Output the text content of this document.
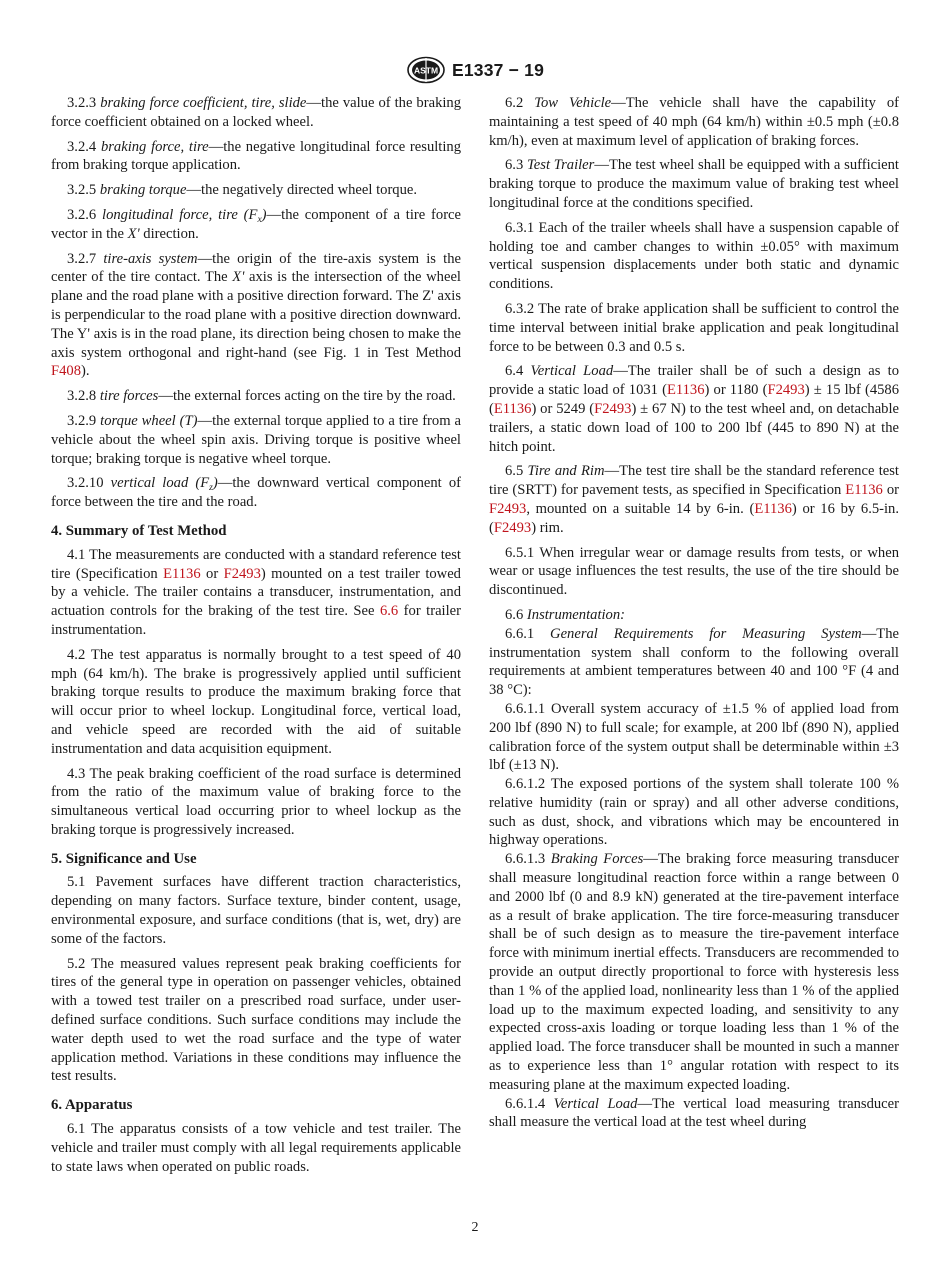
ASTM E1337 − 19

3.2.3 braking force coefficient, tire, slide—the value of the braking force coefficient obtained on a locked wheel.

3.2.4 braking force, tire—the negative longitudinal force resulting from braking torque application.

3.2.5 braking torque—the negatively directed wheel torque.

3.2.6 longitudinal force, tire $(F_x)—the$ component of a tire force vector in the X' direction.

3.2.7 tire-axis system—the origin of the tire-axis system is the center of the tire contact. The X' axis is the intersection of the wheel plane and the road plane with a positive direction forward. The Z' axis is perpendicular to the road plane with a positive direction downward. The Y' axis is in the road plane, its direction being chosen to make the axis system orthogonal and right-hand (see Fig. 1 in Test Method F408).

3.2.8 tire forces—the external forces acting on the tire by the road.

3.2.9 torque wheel (T)—the external torque applied to a tire from a vehicle about the wheel spin axis. Driving torque is positive wheel torque; braking torque is negative wheel torque.

3.2.10 vertical load $(F_z)—the$ downward vertical component of force between the tire and the road.

4. Summary of Test Method

4.1 The measurements are conducted with a standard reference test tire (Specification E1136 or F2493) mounted on a test trailer towed by a vehicle. The trailer contains a transducer, instrumentation, and actuation controls for the braking of the test tire. See 6.6 for trailer instrumentation.

4.2 The test apparatus is normally brought to a test speed of 40 mph (64 km/h). The brake is progressively applied until sufficient braking torque results to produce the maximum braking force that will occur prior to wheel lockup. Longitudinal force, vertical load, and vehicle speed are recorded with the aid of suitable instrumentation and data acquisition equipment.

4.3 The peak braking coefficient of the road surface is determined from the ratio of the maximum value of braking force to the simultaneous vertical load occurring prior to wheel lockup as the braking torque is progressively increased.

5. Significance and Use

5.1 Pavement surfaces have different traction characteristics, depending on many factors. Surface texture, binder content, usage, environmental exposure, and surface conditions (that is, wet, dry) are some of the factors.

5.2 The measured values represent peak braking coefficients for tires of the general type in operation on passenger vehicles, obtained with a towed test trailer on a prescribed road surface, under user-defined surface conditions. Such surface conditions may include the water depth used to wet the road surface and the type of water application method. Variations in these conditions may influence the test results.

6. Apparatus

6.1 The apparatus consists of a tow vehicle and test trailer. The vehicle and trailer must comply with all legal requirements applicable to state laws when operated on public roads.

6.2 Tow Vehicle—The vehicle shall have the capability of maintaining a test speed of 40 mph (64 km/h) within ±0.5 mph (±0.8 km/h), even at maximum level of application of braking forces.

6.3 Test Trailer—The test wheel shall be equipped with a sufficient braking torque to produce the maximum value of braking test wheel longitudinal force at the conditions specified.

6.3.1 Each of the trailer wheels shall have a suspension capable of holding toe and camber changes to within ±0.05° with maximum vertical suspension displacements under both static and dynamic conditions.

6.3.2 The rate of brake application shall be sufficient to control the time interval between initial brake application and peak longitudinal force to be between 0.3 and 0.5 s.

6.4 Vertical Load—The trailer shall be of such a design as to provide a static load of 1031 (E1136) or 1180 (F2493) ± 15 lbf (4586 (E1136) or 5249 (F2493) ± 67 N) to the test wheel and, on detachable trailers, a static down load of 100 to 200 lbf (445 to 890 N) at the hitch point.

6.5 Tire and Rim—The test tire shall be the standard reference test tire (SRTT) for pavement tests, as specified in Specification E1136 or F2493, mounted on a suitable 14 by 6-in. (E1136) or 16 by 6.5-in. (F2493) rim.

6.5.1 When irregular wear or damage results from tests, or when wear or usage influences the test results, the use of the tire should be discontinued.

6.6 Instrumentation:

6.6.1 General Requirements for Measuring System—The instrumentation system shall conform to the following overall requirements at ambient temperatures between 40 and 100 °F (4 and 38 °C):

6.6.1.1 Overall system accuracy of ±1.5 % of applied load from 200 lbf (890 N) to full scale; for example, at 200 lbf (890 N), applied calibration force of the system output shall be determinable within ±3 lbf (±13 N).

6.6.1.2 The exposed portions of the system shall tolerate 100 % relative humidity (rain or spray) and all other adverse conditions, such as dust, shock, and vibrations which may be encountered in highway operations.

6.6.1.3 Braking Forces—The braking force measuring transducer shall measure longitudinal reaction force within a range between 0 and 2000 lbf (0 and 8.9 kN) generated at the tire-pavement interface as a result of brake application. The tire force-measuring transducer shall be of such design as to measure the tire-pavement interface force with minimum inertial effects. Transducers are recommended to provide an output directly proportional to force with hysteresis less than 1 % of the applied load, nonlinearity less than 1 % of the applied load up to the maximum expected loading, and sensitivity to any expected cross-axis loading or torque loading less than 1 % of the applied load. The force transducer shall be mounted in such a manner as to experience less than 1° angular rotation with respect to its measuring plane at the maximum expected loading.

6.6.1.4 Vertical Load—The vertical load measuring transducer shall measure the vertical load at the test wheel during

2
